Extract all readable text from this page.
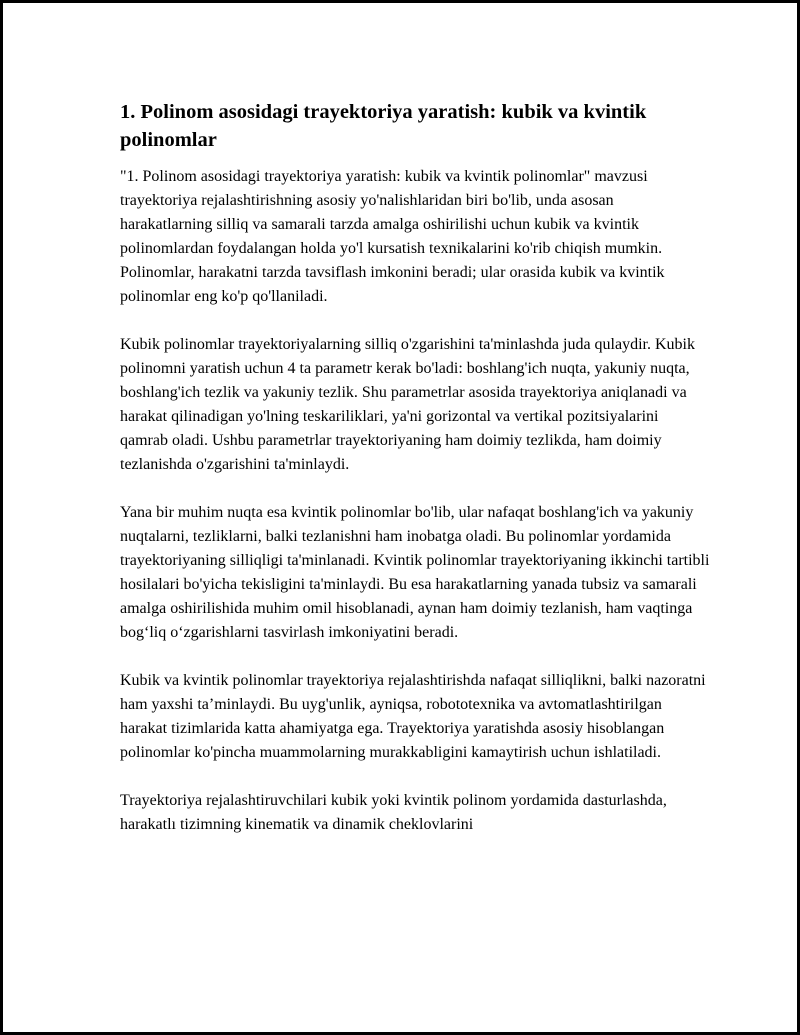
1. Polinom asosidagi trayektoriya yaratish: kubik va kvintik polinomlar

"1. Polinom asosidagi trayektoriya yaratish: kubik va kvintik polinomlar" mavzusi trayektoriya rejalashtirishning asosiy yo'nalishlaridan biri bo'lib, unda asosan harakatlarning silliq va samarali tarzda amalga oshirilishi uchun kubik va kvintik polinomlardan foydalangan holda yo'l kursatish texnikalarini ko'rib chiqish mumkin. Polinomlar, harakatni tarzda tavsiflash imkonini beradi; ular orasida kubik va kvintik polinomlar eng ko'p qo'llaniladi.

Kubik polinomlar trayektoriyalarning silliq o'zgarishini ta'minlashda juda qulaydir. Kubik polinomni yaratish uchun 4 ta parametr kerak bo'ladi: boshlang'ich nuqta, yakuniy nuqta, boshlang'ich tezlik va yakuniy tezlik. Shu parametrlar asosida trayektoriya aniqlanadi va harakat qilinadigan yo'lning teskariliklari, ya'ni gorizontal va vertikal pozitsiyalarini qamrab oladi. Ushbu parametrlar trayektoriyaning ham doimiy tezlikda, ham doimiy tezlanishda o'zgarishini ta'minlaydi.

Yana bir muhim nuqta esa kvintik polinomlar bo'lib, ular nafaqat boshlang'ich va yakuniy nuqtalarni, tezliklarni, balki tezlanishni ham inobatga oladi. Bu polinomlar yordamida trayektoriyaning silliqligi ta'minlanadi. Kvintik polinomlar trayektoriyaning ikkinchi tartibli hosilalari bo'yicha tekisligini ta'minlaydi. Bu esa harakatlarning yanada tubsiz va samarali amalga oshirilishida muhim omil hisoblanadi, aynan ham doimiy tezlanish, ham vaqtinga bog‘liq o‘zgarishlarni tasvirlash imkoniyatini beradi.

Kubik va kvintik polinomlar trayektoriya rejalashtirishda nafaqat silliqlikni, balki nazoratni ham yaxshi ta’minlaydi. Bu uyg'unlik, ayniqsa, robototexnika va avtomatlashtirilgan harakat tizimlarida katta ahamiyatga ega. Trayektoriya yaratishda asosiy hisoblangan polinomlar ko'pincha muammolarning murakkabligini kamaytirish uchun ishlatiladi.

Trayektoriya rejalashtiruvchilari kubik yoki kvintik polinom yordamida dasturlashda, harakatlı tizimning kinematik va dinamik cheklovlarini
